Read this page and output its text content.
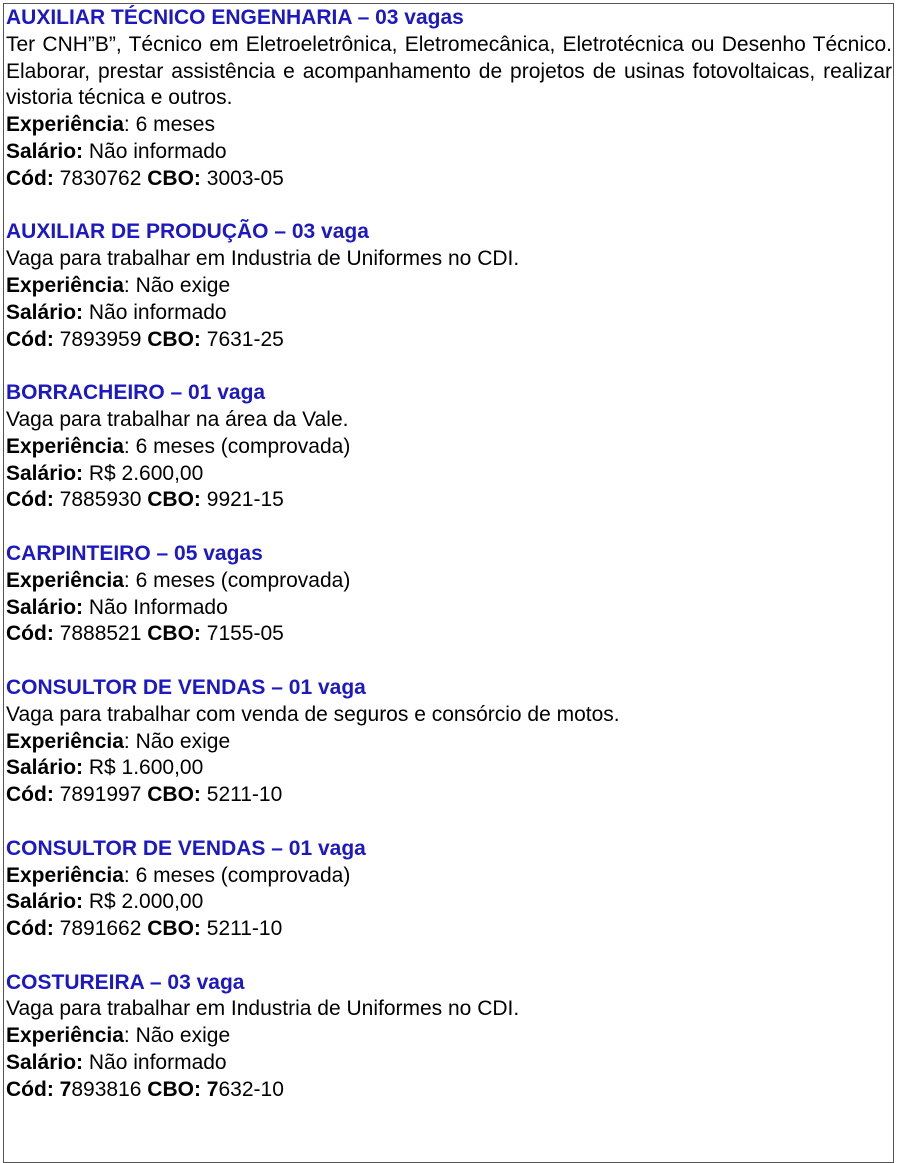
AUXILIAR TÉCNICO ENGENHARIA – 03 vagas
Ter CNH”B”, Técnico em Eletroeletrônica, Eletromecânica, Eletrotécnica ou Desenho Técnico. Elaborar, prestar assistência e acompanhamento de projetos de usinas fotovoltaicas, realizar vistoria técnica e outros.
Experiência: 6 meses
Salário: Não informado
Cód: 7830762 CBO: 3003-05
AUXILIAR DE PRODUÇÃO – 03 vaga
Vaga para trabalhar em Industria de Uniformes no CDI.
Experiência: Não exige
Salário: Não informado
Cód: 7893959 CBO: 7631-25
BORRACHEIRO – 01 vaga
Vaga para trabalhar na área da Vale.
Experiência: 6 meses (comprovada)
Salário: R$ 2.600,00
Cód: 7885930 CBO: 9921-15
CARPINTEIRO – 05 vagas
Experiência: 6 meses (comprovada)
Salário: Não Informado
Cód: 7888521 CBO: 7155-05
CONSULTOR DE VENDAS – 01 vaga
Vaga para trabalhar com venda de seguros e consórcio de motos.
Experiência: Não exige
Salário: R$ 1.600,00
Cód: 7891997 CBO: 5211-10
CONSULTOR DE VENDAS – 01 vaga
Experiência: 6 meses (comprovada)
Salário: R$ 2.000,00
Cód: 7891662 CBO: 5211-10
COSTUREIRA – 03 vaga
Vaga para trabalhar em Industria de Uniformes no CDI.
Experiência: Não exige
Salário: Não informado
Cód: 7893816 CBO: 7632-10
